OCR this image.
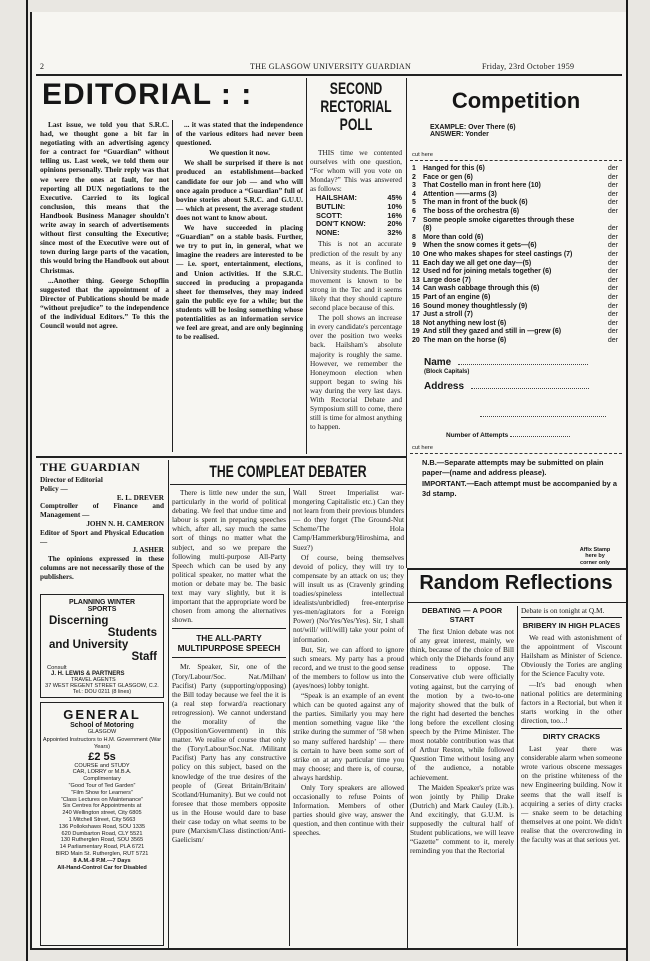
2	THE GLASGOW UNIVERSITY GUARDIAN	Friday, 23rd October 1959
EDITORIAL : :

Last issue, we told you that S.R.C. had, we thought gone a bit far in negotiating with an advertising agency for a contract for “Guardian” without telling us. Last week, we told them our opinions personally. Their reply was that we were the ones at fault, for not reporting all DUX negotiations to the Executive. Carried to its logical conclusion, this means that the Handbook Business Manager shouldn't write away in search of advertisements without first consulting the Executive; since most of the Executive were out of town during large parts of the vacation, this would bring the Handbook out about Christmas.

...Another thing. George Schopflin suggested that the appointment of a Director of Publications should be made “without prejudice” to the independence of the individual Editors.” To this the Council would not agree.

... it was stated that the independence of the various editors had never been questioned.

We question it now.

We shall be surprised if there is not produced an establishment—backed candidate for our job — and who will once again produce a “Guardian” full of bovine stories about S.R.C. and G.U.U. — which at present, the average student does not want to know about.

We have succeeded in placing “Guardian” on a stable basis. Further, we try to put in, in general, what we imagine the readers are interested to be — i.e. sport, entertainment, elections, and Union activities. If the S.R.C. succeed in producing a propaganda sheet for themselves, they may indeed gain the public eye for a while; but the students will be losing something whose potentialities as an information service we feel are great, and are only beginning to be realised.

SECOND
RECTORIAL
POLL

THIS time we contented ourselves with one question, “For whom will you vote on Monday?” This was answered as follows:

HAILSHAM:	45%
BUTLIN:	10%
SCOTT:	16%
DON'T KNOW:	20%
NONE:	32%

This is not an accurate prediction of the result by any means, as it is confined to University students. The Butlin movement is known to be strong in the Tec and it seems likely that they should capture second place because of this.

The poll shows an increase in every candidate's percentage over the position two weeks back. Hailsham's absolute majority is roughly the same. However, we remember the Honeymoon election when support began to swing his way during the very last days. With Rectorial Debate and Symposium still to come, there still is time for almost anything to happen.

Competition
EXAMPLE: Over There (6)
ANSWER: Yonder
cut here
1 Hanged for this (6)	der
2 Face or gen (6)	der
3 That Costello man in front here (10)	der
4 Attention ——arms (3)	der
5 The man in front of the buck (6)	der
6 The boss of the orchestra (6)	der
7 Some people smoke cigarettes through these (8)	der
8 More than cold (6)	der
9 When the snow comes it gets—(6)	der
10 One who makes shapes for steel castings (7)	der
11 Each day we all get one day—(5)	der
12 Used nd for joining metals together (6)	der
13 Large dose (7)	der
14 Can wash cabbage through this (6)	der
15 Part of an engine (6)	der
16 Sound money thoughtlessly (9)	der
17 Just a stroll (7)	der
18 Not anything new lost (6)	der
19 And still they gazed and still in —grew (6)	der
20 The man on the horse (6)	der
Name
(Block Capitals)
Address
Number of Attempts
cut here
N.B.—Separate attempts may be submitted on plain paper—(name and address please).
IMPORTANT.—Each attempt must be accompanied by a 3d stamp.
Affix Stamp
here by
corner only
THE GUARDIAN
Director of Editorial
Policy —
E. L. DREVER
Comptroller of Finance and Management —
JOHN N. H. CAMERON
Editor of Sport and Physical Education —
J. ASHER
The opinions expressed in these columns are not necessarily those of the publishers.
PLANNING WINTER
SPORTS
Discerning
Students
and University
Staff
Consult
J. H. LEWIS & PARTNERS
TRAVEL AGENTS
37 WEST REGENT STREET GLASGOW, C.2.
Tel.: DOU 0211 (8 lines)
GENERAL
School of Motoring
GLASGOW
Appointed Instructors to H.M. Government (War Years)
£2 5s
COURSE and STUDY
CAR, LORRY or M.B.A.
Complimentary
“Good Tour of Ted Garden”
“Film Show for Learners”
“Class Lectures on Maintenance”
Six Centres for Appointments at
240 Wellington street, City 6805
1 Mitchell Street, City 5663
136 Pollokshaws Road, SOU 1335
620 Dumbarton Road, CLY 5521
130 Rutherglen Road, SOU 3565
14 Parliamentary Road, PLA 6721
BIRD Main St. Rutherglen, RUT 5721
8 A.M.-8 P.M.—7 Days
All-Hand-Control Car for Disabled
THE COMPLEAT DEBATER

There is little new under the sun, particularly in the world of political debating. We feel that undue time and labour is spent in preparing speeches which, after all, say much the same sort of things no matter what the subject, and so we prepare the following multi-purpose All-Party Speech which can be used by any political speaker, no matter what the motion or debate may be. The basic text may vary slightly, but it is important that the appropriate word be chosen from among the alternatives shown.

THE ALL-PARTY MULTIPURPOSE SPEECH

Mr. Speaker, Sir, one of the (Tory/Labour/Soc. Nat./Milhan/ Pacifist) Party (supporting/opposing) the Bill today because we feel the it is (a real step forward/a reactionary retrogression). We cannot understand the morality of the (Opposition/Government) in this matter. We realise of course that only the (Tory/Labour/Soc.Nat. /Militant Pacifist) Party has any constructive policy on this subject, based on the knowledge of the true desires of the people of (Great Britain/Britain/ Scotland/Humanity). But we could not foresee that those members opposite us in the House would dare to base their case today on what seems to be pure (Marxism/Class distinction/Anti-Gaelicism/

Wall Street Imperialist war-mongering Capitalistic etc.) Can they not learn from their previous blunders — do they forget (The Ground-Nut Scheme/The Hola Camp/Hammerkburg/Hiroshima, and Suez?)

Of course, being themselves devoid of policy, they will try to compensate by an attack on us; they will insult us as (Cravenly grinding toadies/spineless intellectual idealists/unbridled) free-enterprise yes-men/agitators for a Foreign Power) (No/Yes/Yes/Yes). Sir, I shall not/will/ will/will) take your point of information.

But, Sir, we can afford to ignore such smears. My party has a proud record, and we trust to the good sense of the members to follow us into the (ayes/noes) lobby tonight.

“Speak is an example of an event which can be quoted against any of the parties. Similarly you may here mention something vague like ‘the strike during the summer of ’58 when so many suffered hardship’ — there is certain to have been some sort of strike on at any particular time you may choose; and there is, of course, always hardship.

Only Tory speakers are allowed occasionally to refuse Points of Information. Members of other parties should give way, answer the question, and then continue with their speeches.

Random Reflections
DEBATING — A POOR START

The first Union debate was not of any great interest, mainly, we think, because of the choice of Bill which only the Diehards found any readiness to oppose. The Conservative club were officially voting against, but the carrying of the motion by a two-to-one majority showed that the bulk of the right had deserted the benches long before the excellent closing speech by the Prime Minister. The most notable contribution was that of Arthur Reston, while followed Question Time without losing any of the audience, a notable achievement.

The Maiden Speaker's prize was won jointly by Philip Drake (Dutrich) and Mark Cauley (Lib.). And excitingly, that G.U.M. is supposedly the cultural half of Student publications, we will leave “Gazette” comment to it, merely reminding you that the Rectorial

Debate is on tonight at Q.M.

BRIBERY IN HIGH PLACES

We read with astonishment of the appointment of Viscount Hailsham as Minister of Science. Obviously the Tories are angling for the Science Faculty vote.

—It's bad enough when national politics are determining factors in a Rectorial, but when it starts working in the other direction, too...!

DIRTY CRACKS

Last year there was considerable alarm when someone wrote various obscene messages on the pristine whiteness of the new Engineering building. Now it seems that the wall itself is acquiring a series of dirty cracks — snake seem to be detaching themselves at one point. We didn't realise that the overcrowding in the faculty was at that serious yet.
